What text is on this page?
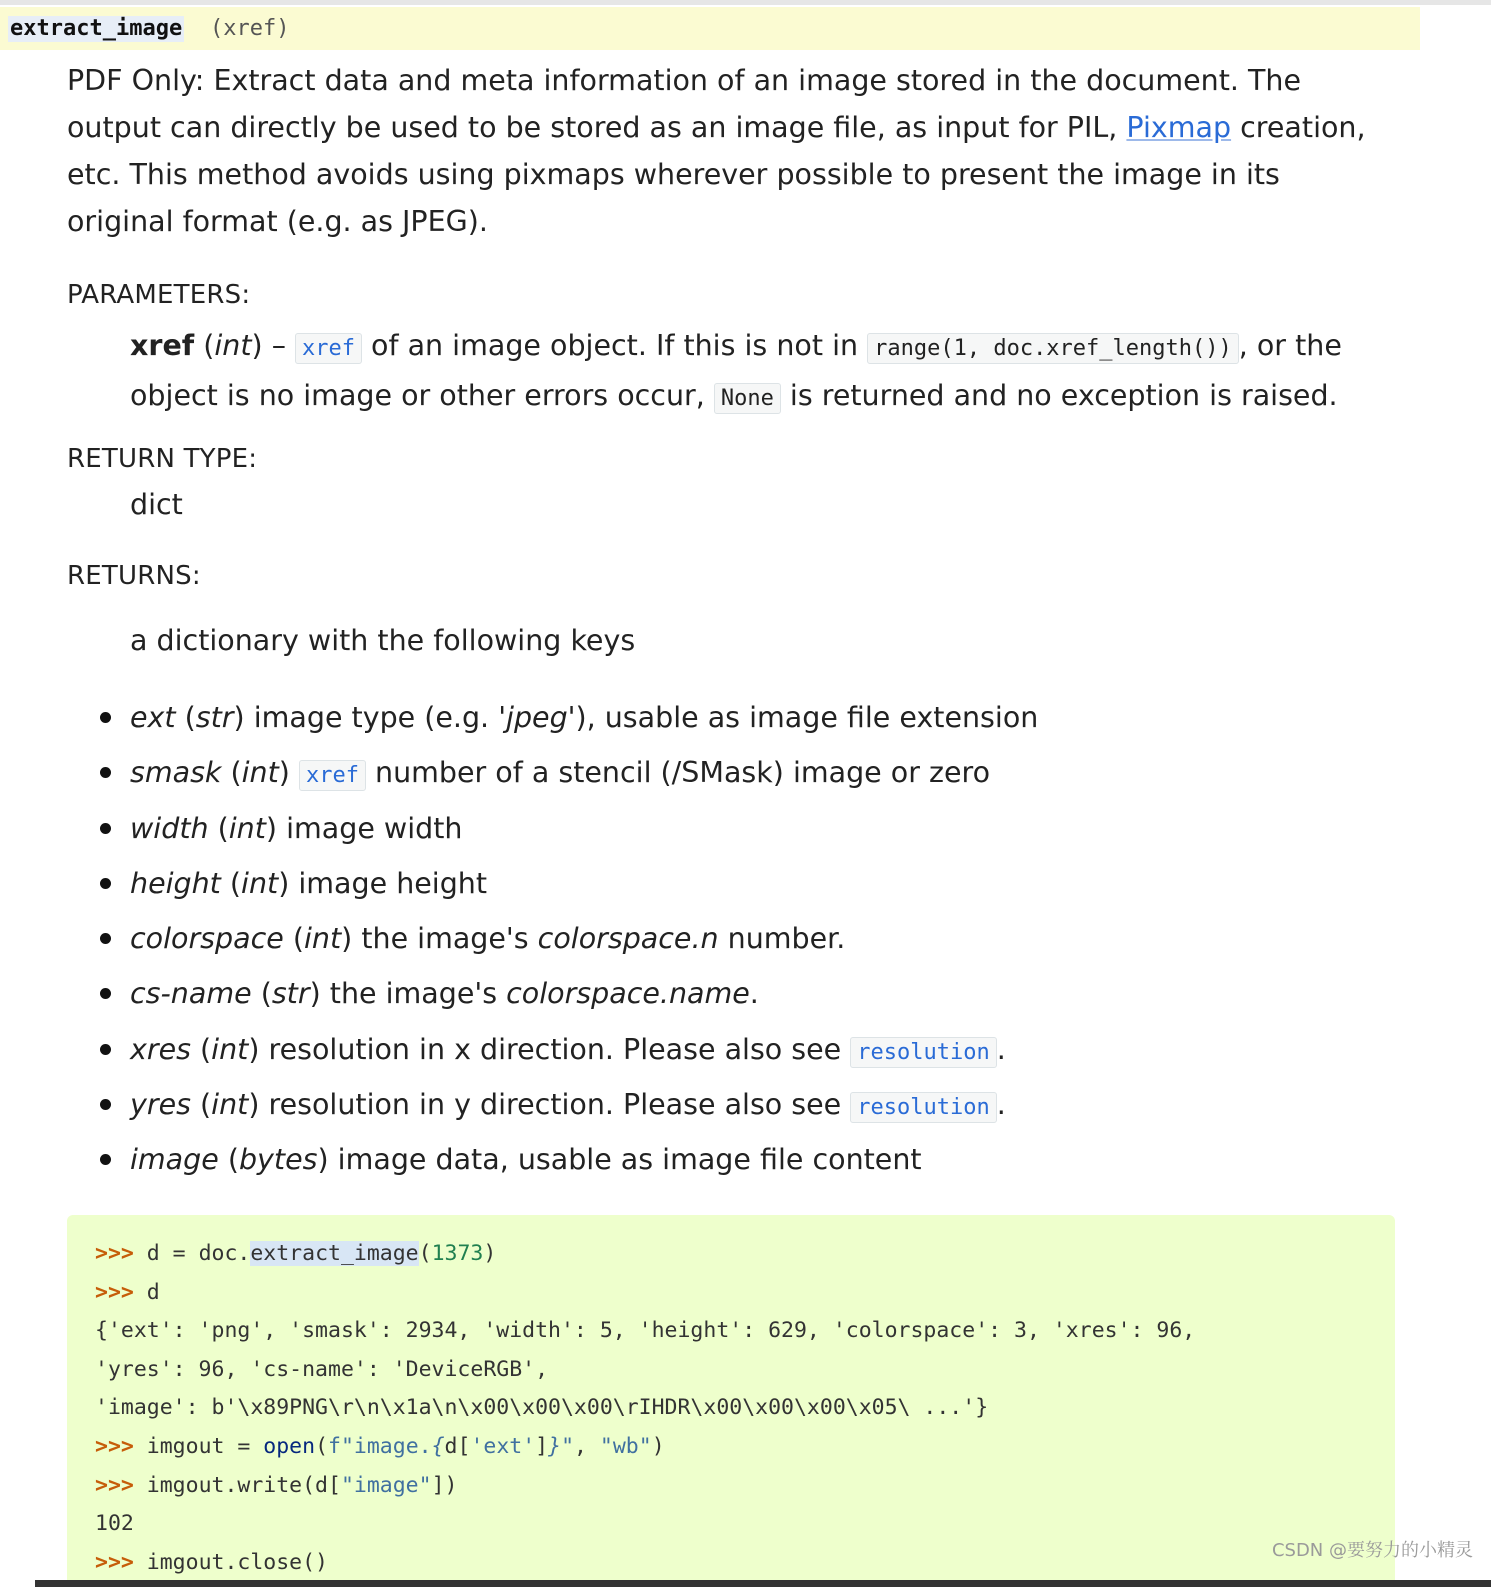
extract_image (xref)
PDF Only: Extract data and meta information of an image stored in the document. The output can directly be used to be stored as an image file, as input for PIL, Pixmap creation, etc. This method avoids using pixmaps wherever possible to present the image in its original format (e.g. as JPEG).
PARAMETERS:
xref (int) – xref of an image object. If this is not in range(1, doc.xref_length()) , or the object is no image or other errors occur, None is returned and no exception is raised.
RETURN TYPE:
dict
RETURNS:
a dictionary with the following keys
ext (str) image type (e.g. 'jpeg'), usable as image file extension
smask (int) xref number of a stencil (/SMask) image or zero
width (int) image width
height (int) image height
colorspace (int) the image's colorspace.n number.
cs-name (str) the image's colorspace.name.
xres (int) resolution in x direction. Please also see resolution .
yres (int) resolution in y direction. Please also see resolution .
image (bytes) image data, usable as image file content
>>> d = doc.extract_image(1373)
>>> d
{'ext': 'png', 'smask': 2934, 'width': 5, 'height': 629, 'colorspace': 3, 'xres': 96,
'yres': 96, 'cs-name': 'DeviceRGB',
'image': b'\x89PNG\r\n\x1a\n\x00\x00\x00\rIHDR\x00\x00\x00\x05\ ...'}
>>> imgout = open(f"image.{d['ext']}", "wb")
>>> imgout.write(d["image"])
102
>>> imgout.close()	CSDN @要努力的小精灵
